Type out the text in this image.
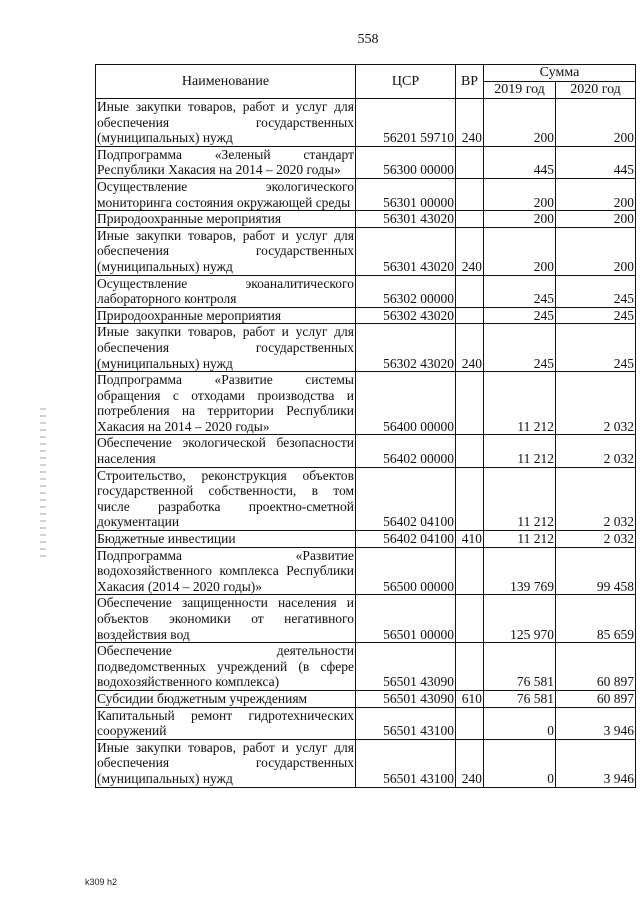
558
Наименование	ЦСР	ВР	Сумма	
			2019 год	2020 год
Иные закупки товаров, работ и услуг для обеспечения государственных (муниципальных) нужд	56201 59710	240	200	200
Подпрограмма «Зеленый стандарт Республики Хакасия на 2014 – 2020 годы»	56300 00000		445	445
Осуществление экологического мониторинга состояния окружающей среды	56301 00000		200	200
Природоохранные мероприятия	56301 43020		200	200
Иные закупки товаров, работ и услуг для обеспечения государственных (муниципальных) нужд	56301 43020	240	200	200
Осуществление экоаналитического лабораторного контроля	56302 00000		245	245
Природоохранные мероприятия	56302 43020		245	245
Иные закупки товаров, работ и услуг для обеспечения государственных (муниципальных) нужд	56302 43020	240	245	245
Подпрограмма «Развитие системы обращения с отходами производства и потребления на территории Республики Хакасия на 2014 – 2020 годы»	56400 00000		11 212	2 032
Обеспечение экологической безопасности населения	56402 00000		11 212	2 032
Строительство, реконструкция объектов государственной собственности, в том числе разработка проектно-сметной документации	56402 04100		11 212	2 032
Бюджетные инвестиции	56402 04100	410	11 212	2 032
Подпрограмма «Развитие водохозяйственного комплекса Республики Хакасия (2014 – 2020 годы)»	56500 00000		139 769	99 458
Обеспечение защищенности населения и объектов экономики от негативного воздействия вод	56501 00000		125 970	85 659
Обеспечение деятельности подведомственных учреждений (в сфере водохозяйственного комплекса)	56501 43090		76 581	60 897
Субсидии бюджетным учреждениям	56501 43090	610	76 581	60 897
Капитальный ремонт гидротехнических сооружений	56501 43100		0	3 946
Иные закупки товаров, работ и услуг для обеспечения государственных (муниципальных) нужд	56501 43100	240	0	3 946
k309 h2
